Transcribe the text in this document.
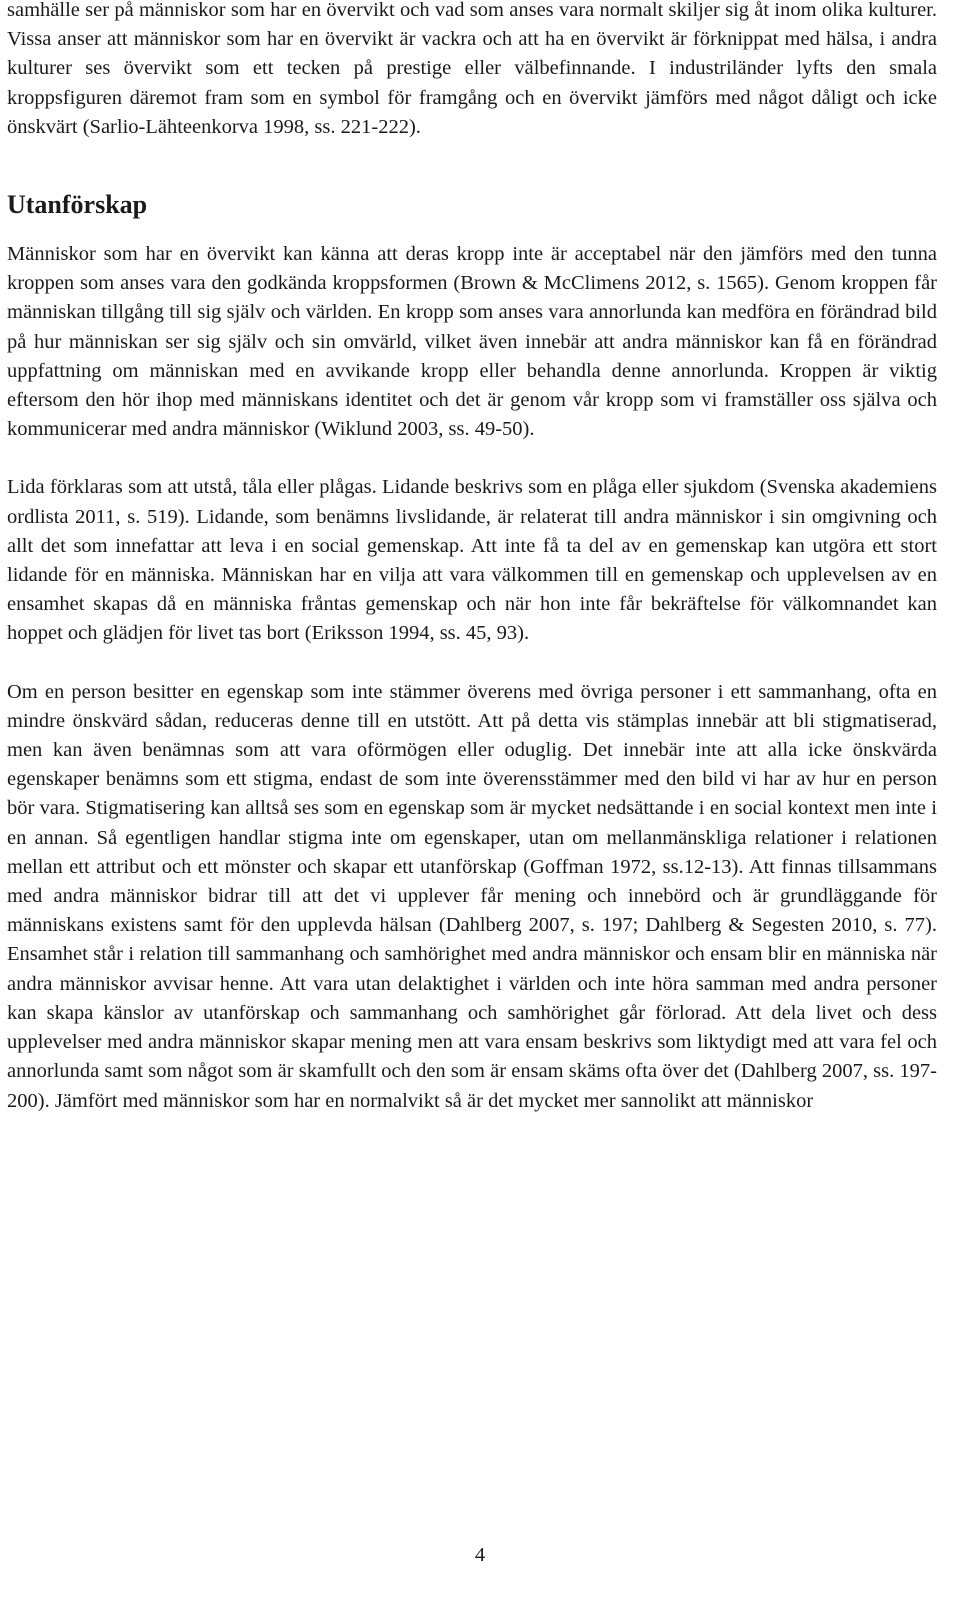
samhälle ser på människor som har en övervikt och vad som anses vara normalt skiljer sig åt inom olika kulturer. Vissa anser att människor som har en övervikt är vackra och att ha en övervikt är förknippat med hälsa, i andra kulturer ses övervikt som ett tecken på prestige eller välbefinnande. I industriländer lyfts den smala kroppsfiguren däremot fram som en symbol för framgång och en övervikt jämförs med något dåligt och icke önskvärt (Sarlio-Lähteenkorva 1998, ss. 221-222).

Utanförskap

Människor som har en övervikt kan känna att deras kropp inte är acceptabel när den jämförs med den tunna kroppen som anses vara den godkända kroppsformen (Brown & McClimens 2012, s. 1565). Genom kroppen får människan tillgång till sig själv och världen. En kropp som anses vara annorlunda kan medföra en förändrad bild på hur människan ser sig själv och sin omvärld, vilket även innebär att andra människor kan få en förändrad uppfattning om människan med en avvikande kropp eller behandla denne annorlunda. Kroppen är viktig eftersom den hör ihop med människans identitet och det är genom vår kropp som vi framställer oss själva och kommunicerar med andra människor (Wiklund 2003, ss. 49-50).

Lida förklaras som att utstå, tåla eller plågas. Lidande beskrivs som en plåga eller sjukdom (Svenska akademiens ordlista 2011, s. 519). Lidande, som benämns livslidande, är relaterat till andra människor i sin omgivning och allt det som innefattar att leva i en social gemenskap. Att inte få ta del av en gemenskap kan utgöra ett stort lidande för en människa. Människan har en vilja att vara välkommen till en gemenskap och upplevelsen av en ensamhet skapas då en människa fråntas gemenskap och när hon inte får bekräftelse för välkomnandet kan hoppet och glädjen för livet tas bort (Eriksson 1994, ss. 45, 93).

Om en person besitter en egenskap som inte stämmer överens med övriga personer i ett sammanhang, ofta en mindre önskvärd sådan, reduceras denne till en utstött. Att på detta vis stämplas innebär att bli stigmatiserad, men kan även benämnas som att vara oförmögen eller oduglig. Det innebär inte att alla icke önskvärda egenskaper benämns som ett stigma, endast de som inte överensstämmer med den bild vi har av hur en person bör vara. Stigmatisering kan alltså ses som en egenskap som är mycket nedsättande i en social kontext men inte i en annan. Så egentligen handlar stigma inte om egenskaper, utan om mellanmänskliga relationer i relationen mellan ett attribut och ett mönster och skapar ett utanförskap (Goffman 1972, ss.12-13). Att finnas tillsammans med andra människor bidrar till att det vi upplever får mening och innebörd och är grundläggande för människans existens samt för den upplevda hälsan (Dahlberg 2007, s. 197; Dahlberg & Segesten 2010, s. 77). Ensamhet står i relation till sammanhang och samhörighet med andra människor och ensam blir en människa när andra människor avvisar henne. Att vara utan delaktighet i världen och inte höra samman med andra personer kan skapa känslor av utanförskap och sammanhang och samhörighet går förlorad. Att dela livet och dess upplevelser med andra människor skapar mening men att vara ensam beskrivs som liktydigt med att vara fel och annorlunda samt som något som är skamfullt och den som är ensam skäms ofta över det (Dahlberg 2007, ss. 197-200). Jämfört med människor som har en normalvikt så är det mycket mer sannolikt att människor

4
